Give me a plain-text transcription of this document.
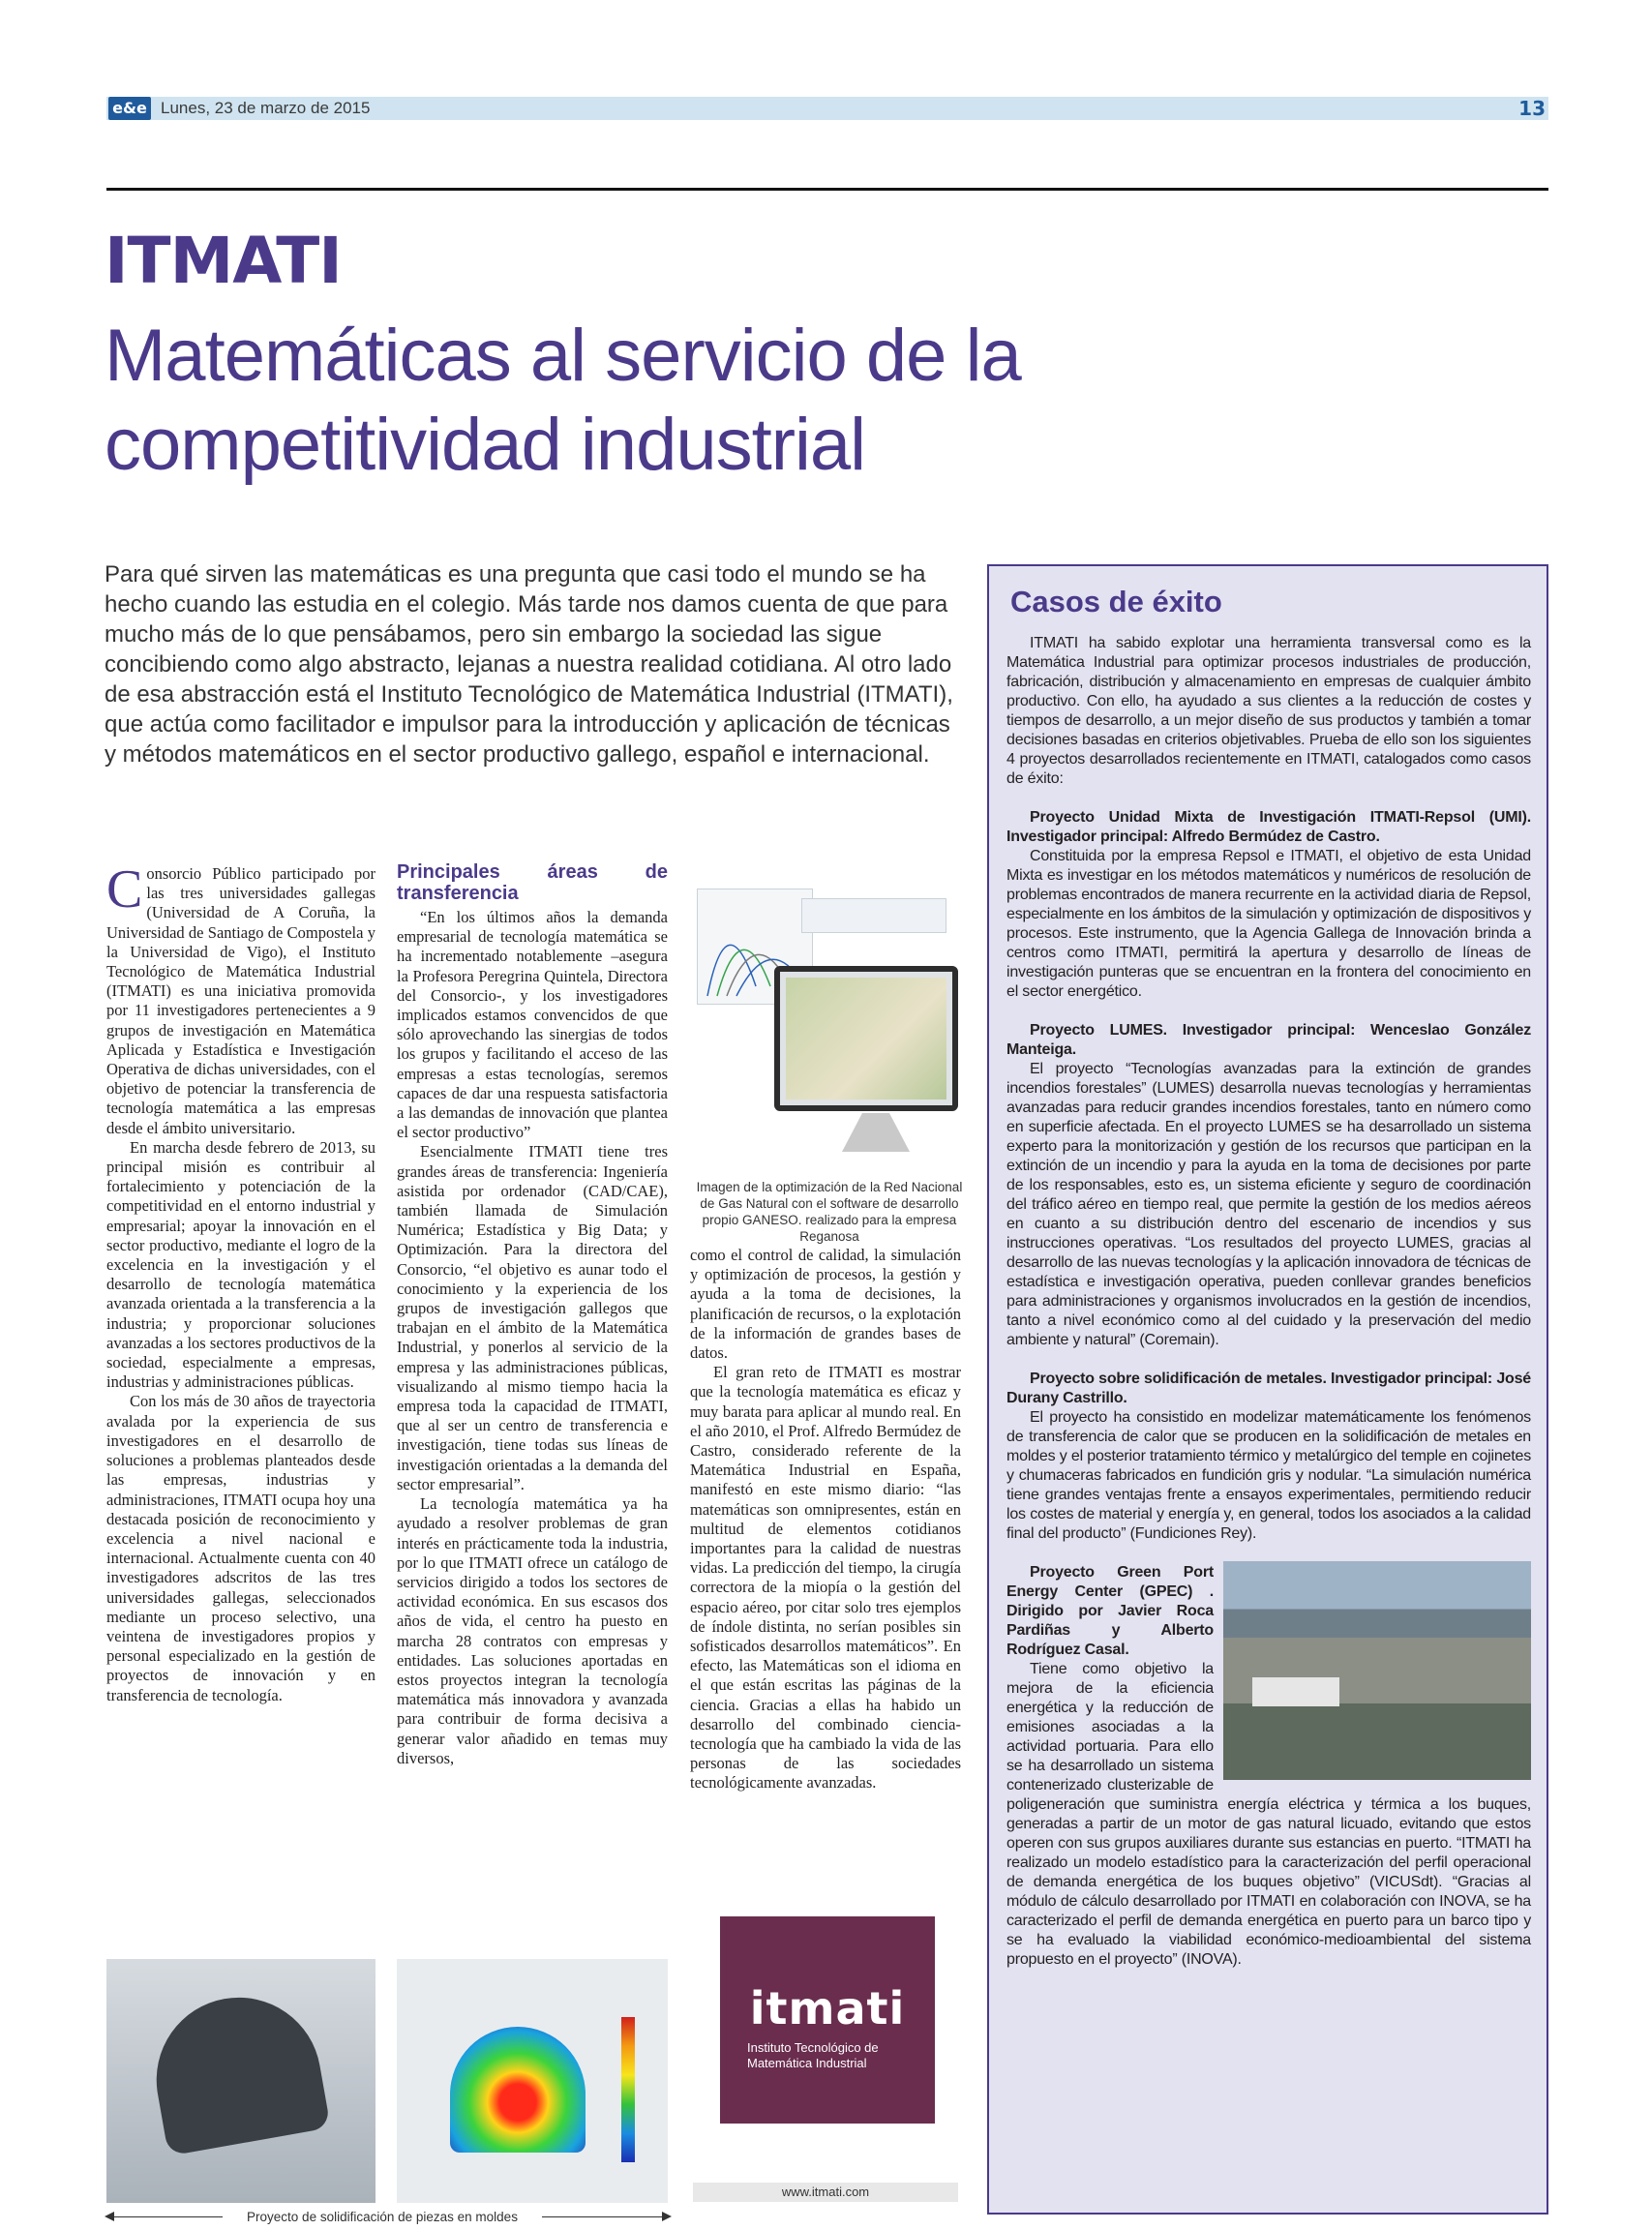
e&e Lunes, 23 de marzo de 2015	13
ITMATI
Matemáticas al servicio de la competitividad industrial

Para qué sirven las matemáticas es una pregunta que casi todo el mundo se ha hecho cuando las estudia en el colegio. Más tarde nos damos cuenta de que para mucho más de lo que pensábamos, pero sin embargo la sociedad las sigue concibiendo como algo abstracto, lejanas a nuestra realidad cotidiana. Al otro lado de esa abstracción está el Instituto Tecnológico de Matemática Industrial (ITMATI), que actúa como facilitador e impulsor para la introducción y aplicación de técnicas y métodos matemáticos en el sector productivo gallego, español e internacional.

Consorcio Público participado por las tres universidades gallegas (Universidad de A Coruña, la Universidad de Santiago de Compostela y la Universidad de Vigo), el Instituto Tecnológico de Matemática Industrial (ITMATI) es una iniciativa promovida por 11 investigadores pertenecientes a 9 grupos de investigación en Matemática Aplicada y Estadística e Investigación Operativa de dichas universidades, con el objetivo de potenciar la transferencia de tecnología matemática a las empresas desde el ámbito universitario.

En marcha desde febrero de 2013, su principal misión es contribuir al fortalecimiento y potenciación de la competitividad en el entorno industrial y empresarial; apoyar la innovación en el sector productivo, mediante el logro de la excelencia en la investigación y el desarrollo de tecnología matemática avanzada orientada a la transferencia a la industria; y proporcionar soluciones avanzadas a los sectores productivos de la sociedad, especialmente a empresas, industrias y administraciones públicas.

Con los más de 30 años de trayectoria avalada por la experiencia de sus investigadores en el desarrollo de soluciones a problemas planteados desde las empresas, industrias y administraciones, ITMATI ocupa hoy una destacada posición de reconocimiento y excelencia a nivel nacional e internacional. Actualmente cuenta con 40 investigadores adscritos de las tres universidades gallegas, seleccionados mediante un proceso selectivo, una veintena de investigadores propios y personal especializado en la gestión de proyectos de innovación y en transferencia de tecnología.

Principales áreas de transferencia

“En los últimos años la demanda empresarial de tecnología matemática se ha incrementado notablemente –asegura la Profesora Peregrina Quintela, Directora del Consorcio-, y los investigadores implicados estamos convencidos de que sólo aprovechando las sinergias de todos los grupos y facilitando el acceso de las empresas a estas tecnologías, seremos capaces de dar una respuesta satisfactoria a las demandas de innovación que plantea el sector productivo”

Esencialmente ITMATI tiene tres grandes áreas de transferencia: Ingeniería asistida por ordenador (CAD/CAE), también llamada de Simulación Numérica; Estadística y Big Data; y Optimización. Para la directora del Consorcio, “el objetivo es aunar todo el conocimiento y la experiencia de los grupos de investigación gallegos que trabajan en el ámbito de la Matemática Industrial, y ponerlos al servicio de la empresa y las administraciones públicas, visualizando al mismo tiempo hacia la empresa toda la capacidad de ITMATI, que al ser un centro de transferencia e investigación, tiene todas sus líneas de investigación orientadas a la demanda del sector empresarial”.

La tecnología matemática ya ha ayudado a resolver problemas de gran interés en prácticamente toda la industria, por lo que ITMATI ofrece un catálogo de servicios dirigido a todos los sectores de actividad económica. En sus escasos dos años de vida, el centro ha puesto en marcha 28 contratos con empresas y entidades. Las soluciones aportadas en estos proyectos integran la tecnología matemática más innovadora y avanzada para contribuir de forma decisiva a generar valor añadido en temas muy diversos,

Imagen de la optimización de la Red Nacional de Gas Natural con el software de desarrollo propio GANESO. realizado para la empresa Reganosa

como el control de calidad, la simulación y optimización de procesos, la gestión y ayuda a la toma de decisiones, la planificación de recursos, o la explotación de la información de grandes bases de datos.

El gran reto de ITMATI es mostrar que la tecnología matemática es eficaz y muy barata para aplicar al mundo real. En el año 2010, el Prof. Alfredo Bermúdez de Castro, considerado referente de la Matemática Industrial en España, manifestó en este mismo diario: “las matemáticas son omnipresentes, están en multitud de elementos cotidianos importantes para la calidad de nuestras vidas. La predicción del tiempo, la cirugía correctora de la miopía o la gestión del espacio aéreo, por citar solo tres ejemplos de índole distinta, no serían posibles sin sofisticados desarrollos matemáticos”. En efecto, las Matemáticas son el idioma en el que están escritas las páginas de la ciencia. Gracias a ellas ha habido un desarrollo del combinado ciencia-tecnología que ha cambiado la vida de las personas de las sociedades tecnológicamente avanzadas.

Proyecto de solidificación de piezas en moldes
itmati
Instituto Tecnológico de Matemática Industrial
www.itmati.com
Casos de éxito

ITMATI ha sabido explotar una herramienta transversal como es la Matemática Industrial para optimizar procesos industriales de producción, fabricación, distribución y almacenamiento en empresas de cualquier ámbito productivo. Con ello, ha ayudado a sus clientes a la reducción de costes y tiempos de desarrollo, a un mejor diseño de sus productos y también a tomar decisiones basadas en criterios objetivables. Prueba de ello son los siguientes 4 proyectos desarrollados recientemente en ITMATI, catalogados como casos de éxito:

Proyecto Unidad Mixta de Investigación ITMATI-Repsol (UMI). Investigador principal: Alfredo Bermúdez de Castro.

Constituida por la empresa Repsol e ITMATI, el objetivo de esta Unidad Mixta es investigar en los métodos matemáticos y numéricos de resolución de problemas encontrados de manera recurrente en la actividad diaria de Repsol, especialmente en los ámbitos de la simulación y optimización de dispositivos y procesos. Este instrumento, que la Agencia Gallega de Innovación brinda a centros como ITMATI, permitirá la apertura y desarrollo de líneas de investigación punteras que se encuentran en la frontera del conocimiento en el sector energético.

Proyecto LUMES. Investigador principal: Wenceslao González Manteiga.

El proyecto “Tecnologías avanzadas para la extinción de grandes incendios forestales” (LUMES) desarrolla nuevas tecnologías y herramientas avanzadas para reducir grandes incendios forestales, tanto en número como en superficie afectada. En el proyecto LUMES se ha desarrollado un sistema experto para la monitorización y gestión de los recursos que participan en la extinción de un incendio y para la ayuda en la toma de decisiones por parte de los responsables, esto es, un sistema eficiente y seguro de coordinación del tráfico aéreo en tiempo real, que permite la gestión de los medios aéreos en cuanto a su distribución dentro del escenario de incendios y sus instrucciones operativas. “Los resultados del proyecto LUMES, gracias al desarrollo de las nuevas tecnologías y la aplicación innovadora de técnicas de estadística e investigación operativa, pueden conllevar grandes beneficios para administraciones y organismos involucrados en la gestión de incendios, tanto a nivel económico como al del cuidado y la preservación del medio ambiente y natural” (Coremain).

Proyecto sobre solidificación de metales. Investigador principal: José Durany Castrillo.

El proyecto ha consistido en modelizar matemáticamente los fenómenos de transferencia de calor que se producen en la solidificación de metales en moldes y el posterior tratamiento térmico y metalúrgico del temple en cojinetes y chumaceras fabricados en fundición gris y nodular. “La simulación numérica tiene grandes ventajas frente a ensayos experimentales, permitiendo reducir los costes de material y energía y, en general, todos los asociados a la calidad final del producto” (Fundiciones Rey).

Proyecto Green Port Energy Center (GPEC) . Dirigido por Javier Roca Pardiñas y Alberto Rodríguez Casal.

Tiene como objetivo la mejora de la eficiencia energética y la reducción de emisiones asociadas a la actividad portuaria. Para ello se ha desarrollado un sistema contenerizado clusterizable de poligeneración que suministra energía eléctrica y térmica a los buques, generadas a partir de un motor de gas natural licuado, evitando que estos operen con sus grupos auxiliares durante sus estancias en puerto. “ITMATI ha realizado un modelo estadístico para la caracterización del perfil operacional de demanda energética de los buques objetivo” (VICUSdt). “Gracias al módulo de cálculo desarrollado por ITMATI en colaboración con INOVA, se ha caracterizado el perfil de demanda energética en puerto para un barco tipo y se ha evaluado la viabilidad económico-medioambiental del sistema propuesto en el proyecto” (INOVA).
